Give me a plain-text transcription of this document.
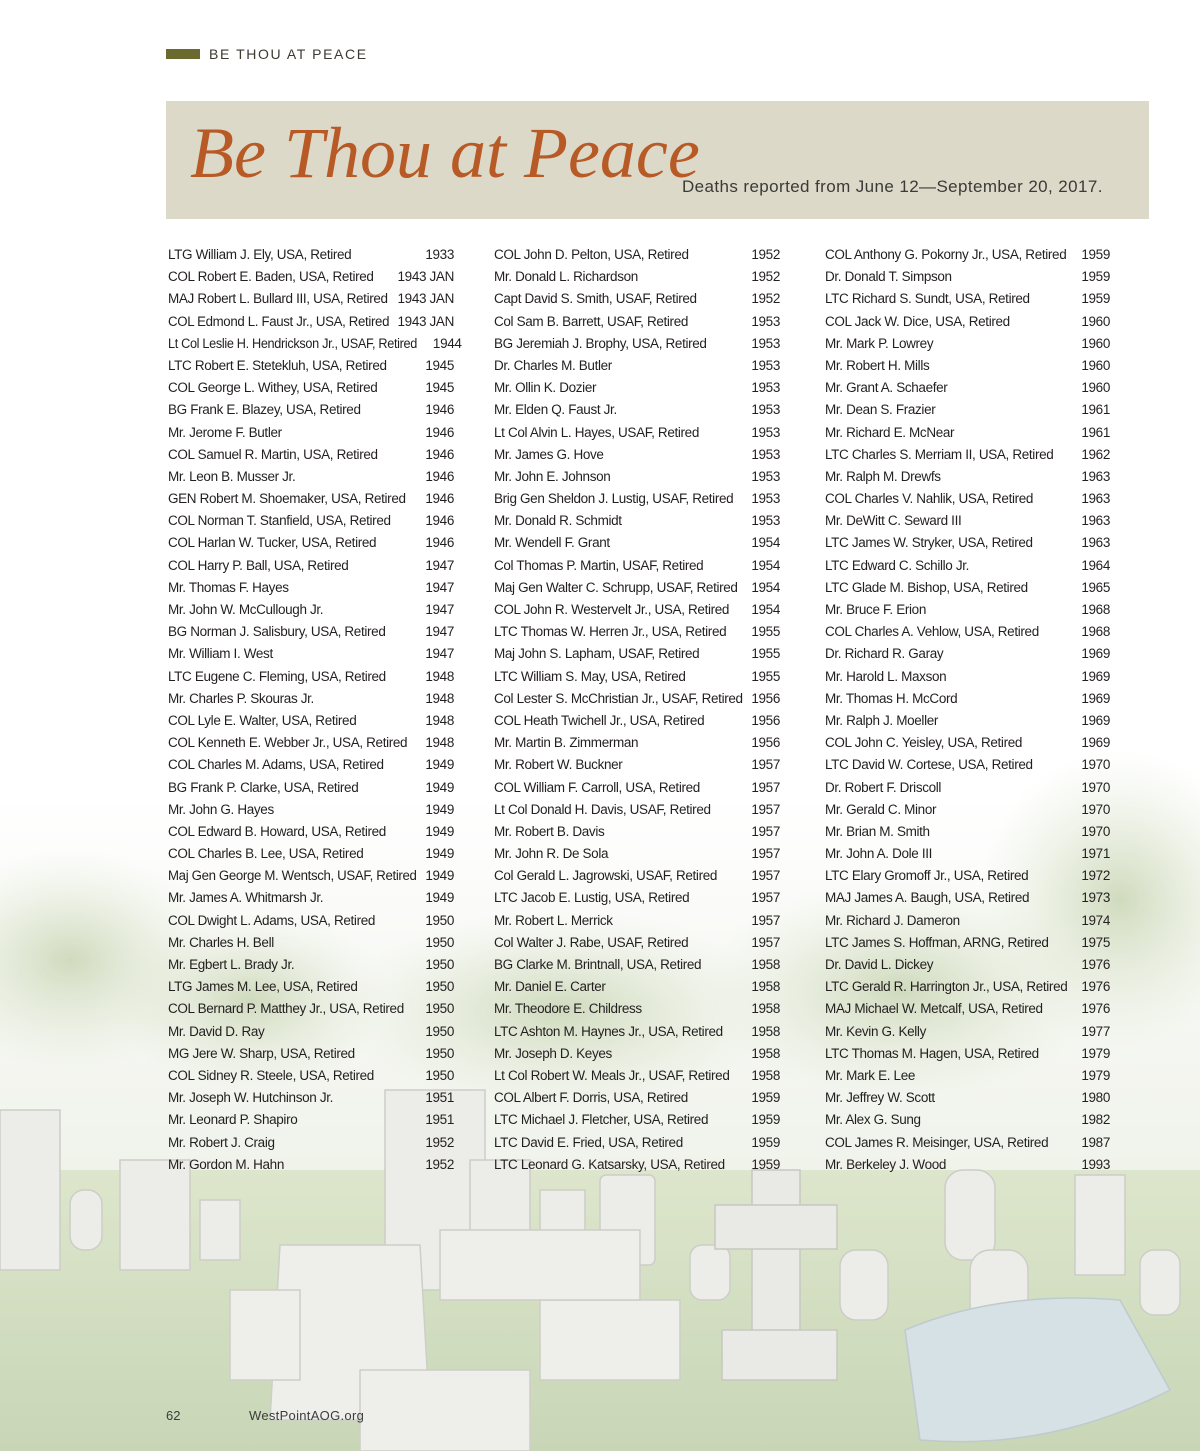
BE THOU AT PEACE
Be Thou at Peace
Deaths reported from June 12—September 20, 2017.
LTG William J. Ely, USA, Retired	1933
COL Robert E. Baden, USA, Retired 1943 JAN
MAJ Robert L. Bullard III, USA, Retired 1943 JAN
COL Edmond L. Faust Jr., USA, Retired 1943 JAN
Lt Col Leslie H. Hendrickson Jr., USAF, Retired 1944
LTC Robert E. Stetekluh, USA, Retired	1945
COL George L. Withey, USA, Retired	1945
BG Frank E. Blazey, USA, Retired	1946
Mr. Jerome F. Butler	1946
COL Samuel R. Martin, USA, Retired	1946
Mr. Leon B. Musser Jr.	1946
GEN Robert M. Shoemaker, USA, Retired 1946
COL Norman T. Stanfield, USA, Retired	1946
COL Harlan W. Tucker, USA, Retired	1946
COL Harry P. Ball, USA, Retired	1947
Mr. Thomas F. Hayes	1947
Mr. John W. McCullough Jr.	1947
BG Norman J. Salisbury, USA, Retired	1947
Mr. William I. West	1947
LTC Eugene C. Fleming, USA, Retired	1948
Mr. Charles P. Skouras Jr.	1948
COL Lyle E. Walter, USA, Retired	1948
COL Kenneth E. Webber Jr., USA, Retired 1948
COL Charles M. Adams, USA, Retired	1949
BG Frank P. Clarke, USA, Retired	1949
Mr. John G. Hayes	1949
COL Edward B. Howard, USA, Retired	1949
COL Charles B. Lee, USA, Retired	1949
Maj Gen George M. Wentsch, USAF, Retired 1949
Mr. James A. Whitmarsh Jr.	1949
COL Dwight L. Adams, USA, Retired	1950
Mr. Charles H. Bell	1950
Mr. Egbert L. Brady Jr.	1950
LTG James M. Lee, USA, Retired	1950
COL Bernard P. Matthey Jr., USA, Retired 1950
Mr. David D. Ray	1950
MG Jere W. Sharp, USA, Retired	1950
COL Sidney R. Steele, USA, Retired	1950
Mr. Joseph W. Hutchinson Jr.	1951
Mr. Leonard P. Shapiro	1951
Mr. Robert J. Craig	1952
Mr. Gordon M. Hahn	1952
COL John D. Pelton, USA, Retired	1952
Mr. Donald L. Richardson	1952
Capt David S. Smith, USAF, Retired	1952
Col Sam B. Barrett, USAF, Retired	1953
BG Jeremiah J. Brophy, USA, Retired	1953
Dr. Charles M. Butler	1953
Mr. Ollin K. Dozier	1953
Mr. Elden Q. Faust Jr.	1953
Lt Col Alvin L. Hayes, USAF, Retired	1953
Mr. James G. Hove	1953
Mr. John E. Johnson	1953
Brig Gen Sheldon J. Lustig, USAF, Retired 1953
Mr. Donald R. Schmidt	1953
Mr. Wendell F. Grant	1954
Col Thomas P. Martin, USAF, Retired	1954
Maj Gen Walter C. Schrupp, USAF, Retired 1954
COL John R. Westervelt Jr., USA, Retired 1954
LTC Thomas W. Herren Jr., USA, Retired 1955
Maj John S. Lapham, USAF, Retired	1955
LTC William S. May, USA, Retired	1955
Col Lester S. McChristian Jr., USAF, Retired 1956
COL Heath Twichell Jr., USA, Retired	1956
Mr. Martin B. Zimmerman	1956
Mr. Robert W. Buckner	1957
COL William F. Carroll, USA, Retired	1957
Lt Col Donald H. Davis, USAF, Retired	1957
Mr. Robert B. Davis	1957
Mr. John R. De Sola	1957
Col Gerald L. Jagrowski, USAF, Retired	1957
LTC Jacob E. Lustig, USA, Retired	1957
Mr. Robert L. Merrick	1957
Col Walter J. Rabe, USAF, Retired	1957
BG Clarke M. Brintnall, USA, Retired	1958
Mr. Daniel E. Carter	1958
Mr. Theodore E. Childress	1958
LTC Ashton M. Haynes Jr., USA, Retired 1958
Mr. Joseph D. Keyes	1958
Lt Col Robert W. Meals Jr., USAF, Retired 1958
COL Albert F. Dorris, USA, Retired	1959
LTC Michael J. Fletcher, USA, Retired	1959
LTC David E. Fried, USA, Retired	1959
LTC Leonard G. Katsarsky, USA, Retired 1959
COL Anthony G. Pokorny Jr., USA, Retired 1959
Dr. Donald T. Simpson	1959
LTC Richard S. Sundt, USA, Retired	1959
COL Jack W. Dice, USA, Retired	1960
Mr. Mark P. Lowrey	1960
Mr. Robert H. Mills	1960
Mr. Grant A. Schaefer	1960
Mr. Dean S. Frazier	1961
Mr. Richard E. McNear	1961
LTC Charles S. Merriam II, USA, Retired 1962
Mr. Ralph M. Drewfs	1963
COL Charles V. Nahlik, USA, Retired	1963
Mr. DeWitt C. Seward III	1963
LTC James W. Stryker, USA, Retired	1963
LTC Edward C. Schillo Jr.	1964
LTC Glade M. Bishop, USA, Retired	1965
Mr. Bruce F. Erion	1968
COL Charles A. Vehlow, USA, Retired	1968
Dr. Richard R. Garay	1969
Mr. Harold L. Maxson	1969
Mr. Thomas H. McCord	1969
Mr. Ralph J. Moeller	1969
COL John C. Yeisley, USA, Retired	1969
LTC David W. Cortese, USA, Retired	1970
Dr. Robert F. Driscoll	1970
Mr. Gerald C. Minor	1970
Mr. Brian M. Smith	1970
Mr. John A. Dole III	1971
LTC Elary Gromoff Jr., USA, Retired	1972
MAJ James A. Baugh, USA, Retired	1973
Mr. Richard J. Dameron	1974
LTC James S. Hoffman, ARNG, Retired 1975
Dr. David L. Dickey	1976
LTC Gerald R. Harrington Jr., USA, Retired 1976
MAJ Michael W. Metcalf, USA, Retired	1976
Mr. Kevin G. Kelly	1977
LTC Thomas M. Hagen, USA, Retired	1979
Mr. Mark E. Lee	1979
Mr. Jeffrey W. Scott	1980
Mr. Alex G. Sung	1982
COL James R. Meisinger, USA, Retired 1987
Mr. Berkeley J. Wood	1993
62	WestPointAOG.org
